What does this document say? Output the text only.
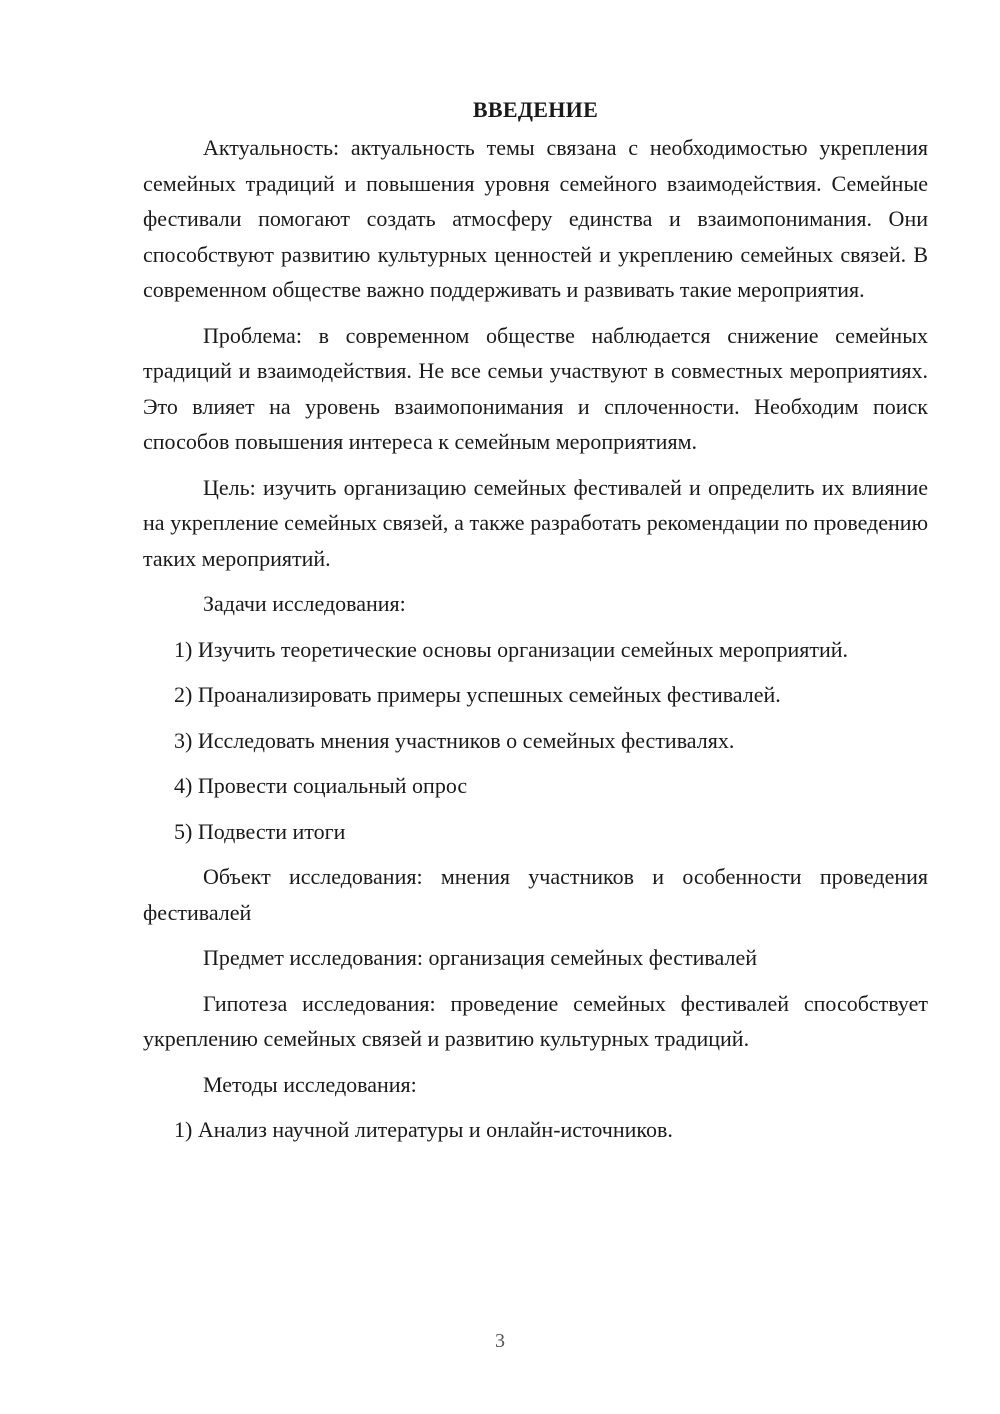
ВВЕДЕНИЕ

Актуальность: актуальность темы связана с необходимостью укрепления семейных традиций и повышения уровня семейного взаимодействия. Семейные фестивали помогают создать атмосферу единства и взаимопонимания. Они способствуют развитию культурных ценностей и укреплению семейных связей. В современном обществе важно поддерживать и развивать такие мероприятия.

Проблема: в современном обществе наблюдается снижение семейных традиций и взаимодействия. Не все семьи участвуют в совместных мероприятиях. Это влияет на уровень взаимопонимания и сплоченности. Необходим поиск способов повышения интереса к семейным мероприятиям.

Цель: изучить организацию семейных фестивалей и определить их влияние на укрепление семейных связей, а также разработать рекомендации по проведению таких мероприятий.

Задачи исследования:

1) Изучить теоретические основы организации семейных мероприятий.

2) Проанализировать примеры успешных семейных фестивалей.

3) Исследовать мнения участников о семейных фестивалях.

4) Провести социальный опрос

5) Подвести итоги

Объект исследования: мнения участников и особенности проведения фестивалей

Предмет исследования: организация семейных фестивалей

Гипотеза исследования: проведение семейных фестивалей способствует укреплению семейных связей и развитию культурных традиций.

Методы исследования:

1) Анализ научной литературы и онлайн-источников.

3
